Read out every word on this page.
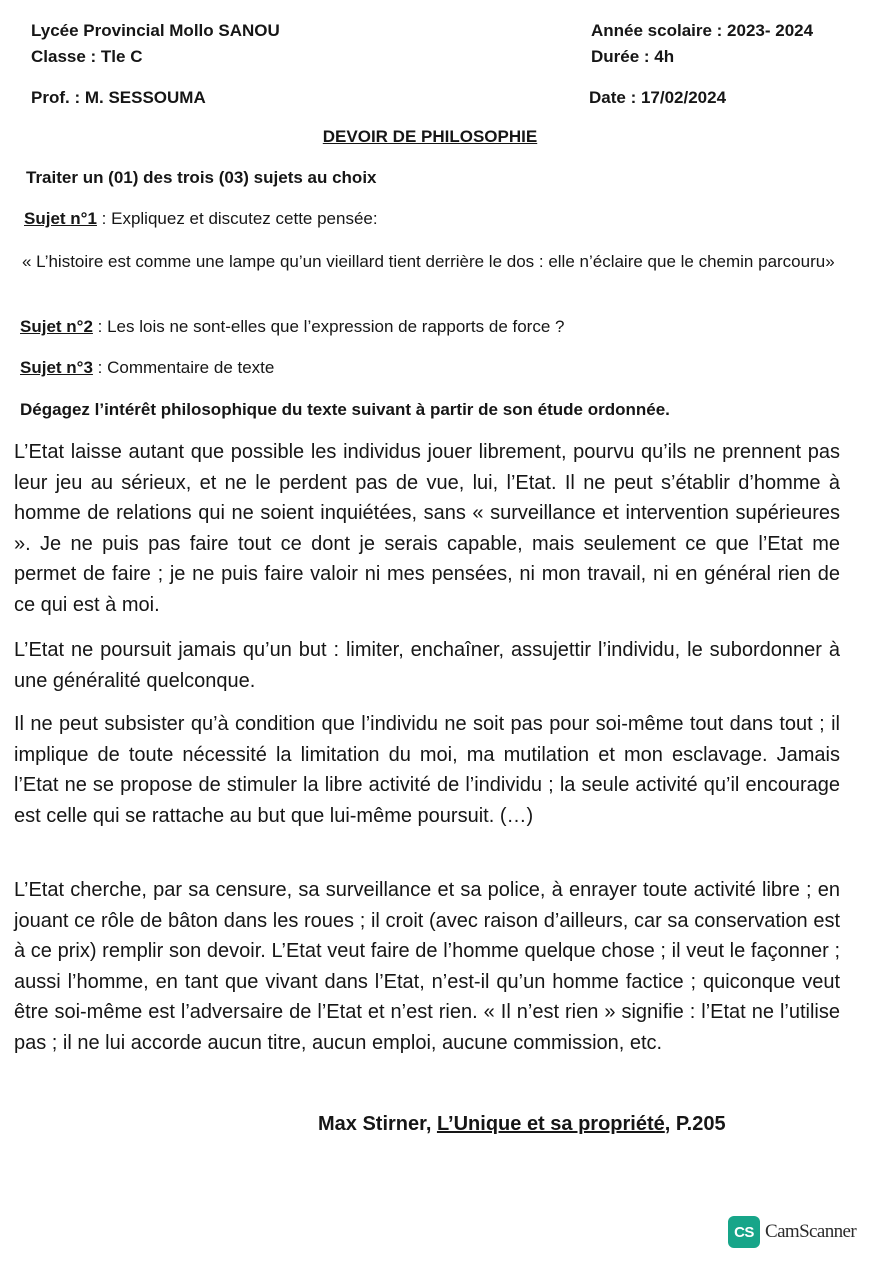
Lycée Provincial Mollo SANOU
Classe : Tle C
Prof. : M. SESSOUMA
Année scolaire : 2023- 2024
Durée : 4h
Date : 17/02/2024
DEVOIR DE PHILOSOPHIE
Traiter un (01) des trois (03) sujets au choix
Sujet n°1 : Expliquez et discutez cette pensée:
« L’histoire est comme une lampe qu’un vieillard tient derrière le dos : elle n’éclaire que le chemin parcouru»
Sujet n°2 : Les lois ne sont-elles que l’expression de rapports de force ?
Sujet n°3 : Commentaire de texte
Dégagez l’intérêt philosophique du texte suivant à partir de son étude ordonnée.
L’Etat laisse autant que possible les individus jouer librement, pourvu qu’ils ne prennent pas leur jeu au sérieux, et ne le perdent pas de vue, lui, l’Etat. Il ne peut s’établir d’homme à homme de relations qui ne soient inquiétées, sans « surveillance et intervention supérieures ». Je ne puis pas faire tout ce dont je serais capable, mais seulement ce que l’Etat me permet de faire ; je ne puis faire valoir ni mes pensées, ni mon travail, ni en général rien de ce qui est à moi.
L’Etat ne poursuit jamais qu’un but : limiter, enchaîner, assujettir l’individu, le subordonner à une généralité quelconque.
Il ne peut subsister qu’à condition que l’individu ne soit pas pour soi-même tout dans tout ; il implique de toute nécessité la limitation du moi, ma mutilation et mon esclavage. Jamais l’Etat ne se propose de stimuler la libre activité de l’individu ; la seule activité qu’il encourage est celle qui se rattache au but que lui-même poursuit. (…)
L’Etat cherche, par sa censure, sa surveillance et sa police, à enrayer toute activité libre ; en jouant ce rôle de bâton dans les roues ; il croit (avec raison d’ailleurs, car sa conservation est à ce prix) remplir son devoir. L’Etat veut faire de l’homme quelque chose ; il veut le façonner ; aussi l’homme, en tant que vivant dans l’Etat, n’est-il qu’un homme factice ; quiconque veut être soi-même est l’adversaire de l’Etat et n’est rien. « Il n’est rien » signifie : l’Etat ne l’utilise pas ; il ne lui accorde aucun titre, aucun emploi, aucune commission, etc.
Max Stirner, L’Unique et sa propriété, P.205
CS CamScanner
